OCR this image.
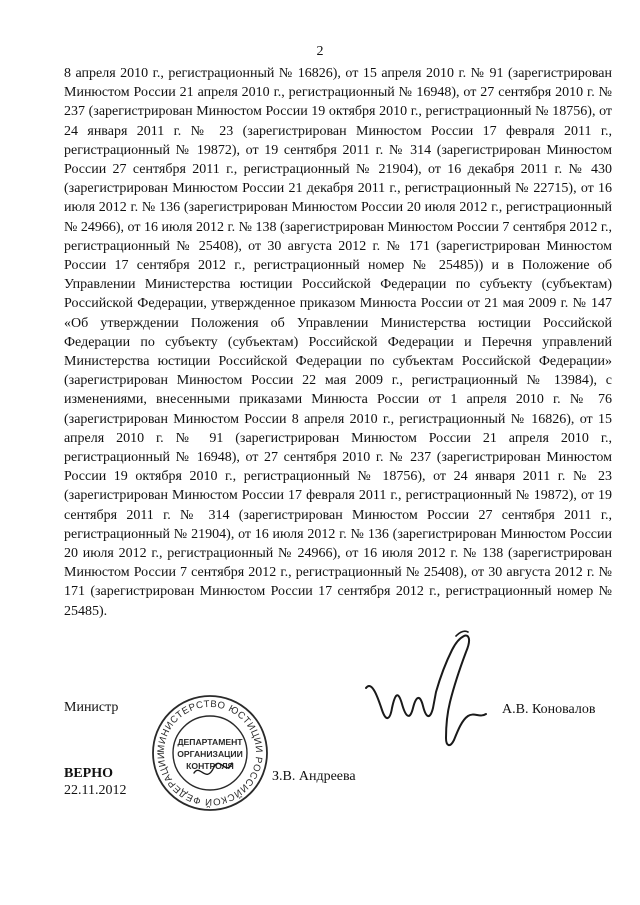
2

8 апреля 2010 г., регистрационный № 16826), от 15 апреля 2010 г. № 91 (зарегистрирован Минюстом России 21 апреля 2010 г., регистрационный № 16948), от 27 сентября 2010 г. № 237 (зарегистрирован Минюстом России 19 октября 2010 г., регистрационный № 18756), от 24 января 2011 г. № 23 (зарегистрирован Минюстом России 17 февраля 2011 г., регистрационный № 19872), от 19 сентября 2011 г. № 314 (зарегистрирован Минюстом России 27 сентября 2011 г., регистрационный № 21904), от 16 декабря 2011 г. № 430 (зарегистрирован Минюстом России 21 декабря 2011 г., регистрационный № 22715), от 16 июля 2012 г. № 136 (зарегистрирован Минюстом России 20 июля 2012 г., регистрационный № 24966), от 16 июля 2012 г. № 138 (зарегистрирован Минюстом России 7 сентября 2012 г., регистрационный № 25408), от 30 августа 2012 г. № 171 (зарегистрирован Минюстом России 17 сентября 2012 г., регистрационный номер № 25485)) и в Положение об Управлении Министерства юстиции Российской Федерации по субъекту (субъектам) Российской Федерации, утвержденное приказом Минюста России от 21 мая 2009 г. № 147 «Об утверждении Положения об Управлении Министерства юстиции Российской Федерации по субъекту (субъектам) Российской Федерации и Перечня управлений Министерства юстиции Российской Федерации по субъектам Российской Федерации» (зарегистрирован Минюстом России 22 мая 2009 г., регистрационный № 13984), с изменениями, внесенными приказами Минюста России от 1 апреля 2010 г. № 76 (зарегистрирован Минюстом России 8 апреля 2010 г., регистрационный № 16826), от 15 апреля 2010 г. № 91 (зарегистрирован Минюстом России 21 апреля 2010 г., регистрационный № 16948), от 27 сентября 2010 г. № 237 (зарегистрирован Минюстом России 19 октября 2010 г., регистрационный № 18756), от 24 января 2011 г. № 23 (зарегистрирован Минюстом России 17 февраля 2011 г., регистрационный № 19872), от 19 сентября 2011 г. № 314 (зарегистрирован Минюстом России 27 сентября 2011 г., регистрационный № 21904), от 16 июля 2012 г. № 136 (зарегистрирован Минюстом России 20 июля 2012 г., регистрационный № 24966), от 16 июля 2012 г. № 138 (зарегистрирован Минюстом России 7 сентября 2012 г., регистрационный № 25408), от 30 августа 2012 г. № 171 (зарегистрирован Минюстом России 17 сентября 2012 г., регистрационный номер № 25485).

Министр	А.В. Коновалов
МИНИСТЕРСТВО ЮСТИЦИИ РОССИЙСКОЙ ФЕДЕРАЦИИ
ДЕПАРТАМЕНТ
ОРГАНИЗАЦИИ
КОНТРОЛЯ
ВЕРНО
22.11.2012
З.В. Андреева
